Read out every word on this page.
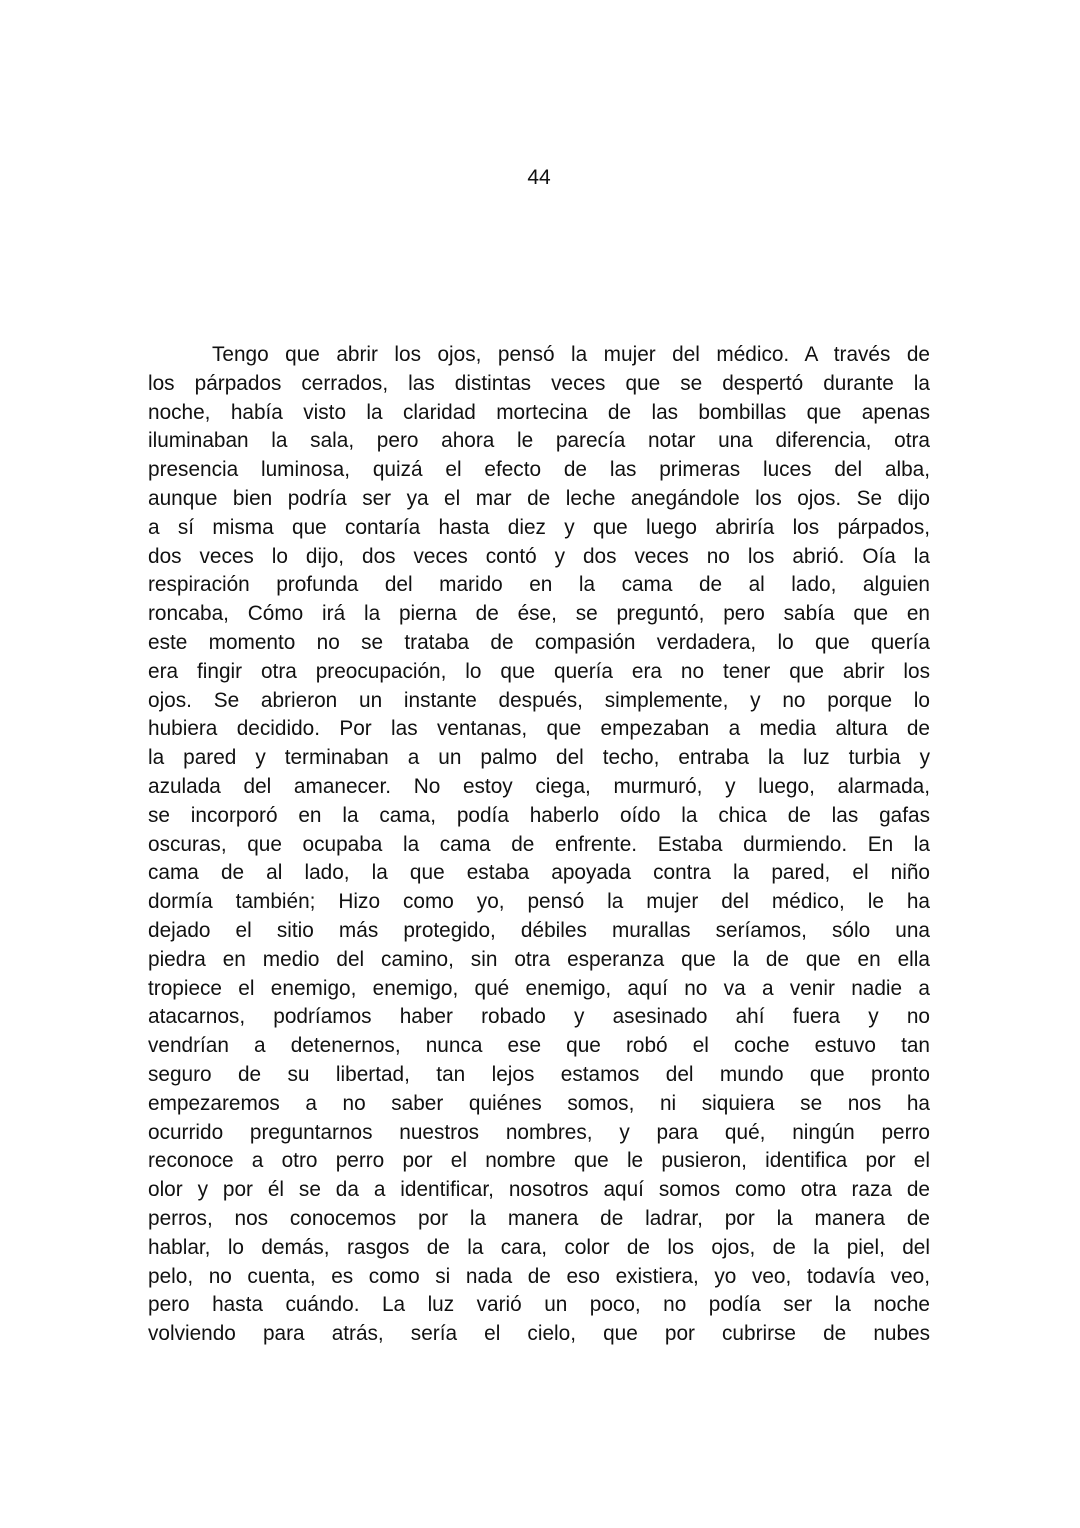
44
Tengo que abrir los ojos, pensó la mujer del médico. A través de
los párpados cerrados, las distintas veces que se despertó durante la
noche, había visto la claridad mortecina de las bombillas que apenas
iluminaban la sala, pero ahora le parecía notar una diferencia, otra
presencia luminosa, quizá el efecto de las primeras luces del alba,
aunque bien podría ser ya el mar de leche anegándole los ojos. Se dijo
a sí misma que contaría hasta diez y que luego abriría los párpados,
dos veces lo dijo, dos veces contó y dos veces no los abrió. Oía la
respiración profunda del marido en la cama de al lado, alguien
roncaba, Cómo irá la pierna de ése, se preguntó, pero sabía que en
este momento no se trataba de compasión verdadera, lo que quería
era fingir otra preocupación, lo que quería era no tener que abrir los
ojos. Se abrieron un instante después, simplemente, y no porque lo
hubiera decidido. Por las ventanas, que empezaban a media altura de
la pared y terminaban a un palmo del techo, entraba la luz turbia y
azulada del amanecer. No estoy ciega, murmuró, y luego, alarmada,
se incorporó en la cama, podía haberlo oído la chica de las gafas
oscuras, que ocupaba la cama de enfrente. Estaba durmiendo. En la
cama de al lado, la que estaba apoyada contra la pared, el niño
dormía también; Hizo como yo, pensó la mujer del médico, le ha
dejado el sitio más protegido, débiles murallas seríamos, sólo una
piedra en medio del camino, sin otra esperanza que la de que en ella
tropiece el enemigo, enemigo, qué enemigo, aquí no va a venir nadie a
atacarnos, podríamos haber robado y asesinado ahí fuera y no
vendrían a detenernos, nunca ese que robó el coche estuvo tan
seguro de su libertad, tan lejos estamos del mundo que pronto
empezaremos a no saber quiénes somos, ni siquiera se nos ha
ocurrido preguntarnos nuestros nombres, y para qué, ningún perro
reconoce a otro perro por el nombre que le pusieron, identifica por el
olor y por él se da a identificar, nosotros aquí somos como otra raza de
perros, nos conocemos por la manera de ladrar, por la manera de
hablar, lo demás, rasgos de la cara, color de los ojos, de la piel, del
pelo, no cuenta, es como si nada de eso existiera, yo veo, todavía veo,
pero hasta cuándo. La luz varió un poco, no podía ser la noche
volviendo para atrás, sería el cielo, que por cubrirse de nubes
